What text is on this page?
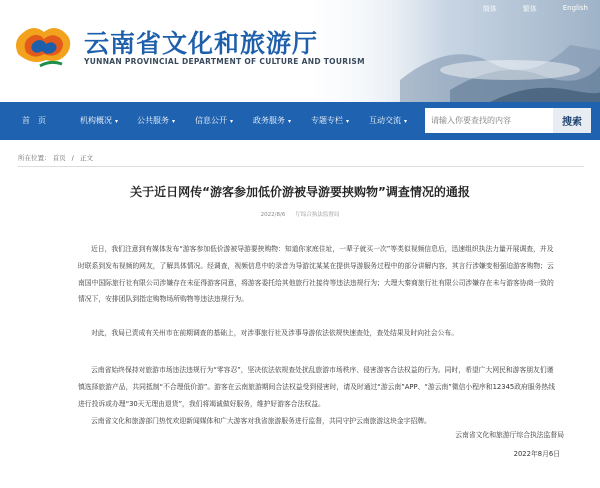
云南省文化和旅游厅
YUNNAN PROVINCIAL DEPARTMENT OF CULTURE AND TOURISM
简体	繁体	English
首　页	机构概况 ▾ 公共服务 ▾ 信息公开 ▾ 政务服务 ▾ 专题专栏 ▾ 互动交流 ▾
请输入你要查找的内容	搜索
所在位置： 首页 / 正文
关于近日网传“游客参加低价游被导游要挟购物”调查情况的通报
2022/8/6 厅综合执法监督局

近日，我们注意到有媒体发布“游客参加低价游被导游要挟购物：知道你家庭住址，一辈子就买一次”等类似视频信息后，迅速组织执法力量开展调查，并及时联系到发布视频的网友，了解具体情况。经调查，视频信息中的录音为导游沈某某在提供导游服务过程中的部分讲解内容，其言行涉嫌变相强迫游客购物；云南国中国际旅行社有限公司涉嫌存在未征得游客同意，将游客委托给其他旅行社接待等违法违规行为；大理大秦商旅行社有限公司涉嫌存在未与游客协商一致的情况下，安排团队到指定购物场所购物等违法违规行为。

对此，我局已责成有关州市在前期调查的基础上，对涉事旅行社及涉事导游依法依规快速查处，查处结果及时向社会公布。

云南省始终保持对旅游市场违法违规行为“零容忍”，坚决依法依规查处扰乱旅游市场秩序、侵害游客合法权益的行为。同时，希望广大网民和游客朋友们谨慎选择旅游产品，共同抵制“不合理低价游”。游客在云南旅游期间合法权益受到侵害时，请及时通过“游云南”APP、“游云南”微信小程序和12345政府服务热线进行投诉或办理“30天无理由退货”，我们将竭诚做好服务，维护好游客合法权益。

云南省文化和旅游部门热忱欢迎新闻媒体和广大游客对我省旅游服务进行监督，共同守护云南旅游这块金字招牌。

云南省文化和旅游厅综合执法监督局
2022年8月6日
